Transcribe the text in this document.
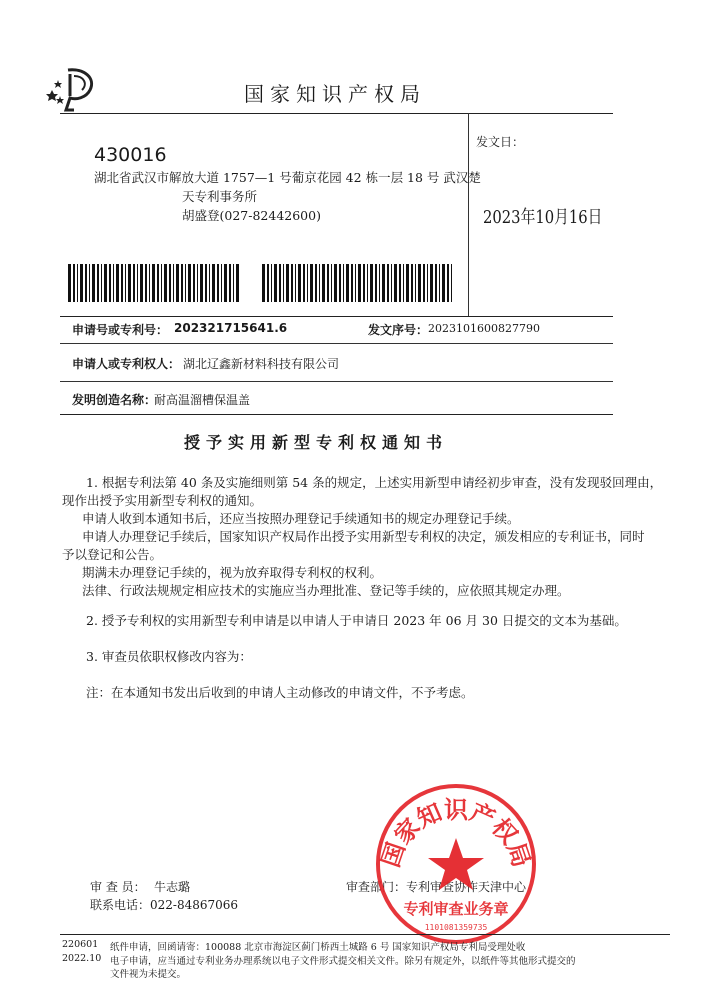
国家知识产权局
430016
湖北省武汉市解放大道 1757—1 号葡京花园 42 栋一层 18 号 武汉楚
天专利事务所
胡盛登(027-82442600)
发文日：
2023年10月16日
申请号或专利号： 202321715641.6	发文序号： 2023101600827790
申请人或专利权人： 湖北辽鑫新材料科技有限公司
发明创造名称：
耐高温溜槽保温盖
授予实用新型专利权通知书
1. 根据专利法第 40 条及实施细则第 54 条的规定，上述实用新型申请经初步审查，没有发现驳回理由，
现作出授予实用新型专利权的通知。
申请人收到本通知书后，还应当按照办理登记手续通知书的规定办理登记手续。
申请人办理登记手续后，国家知识产权局作出授予实用新型专利权的决定，颁发相应的专利证书，同时
予以登记和公告。
期满未办理登记手续的，视为放弃取得专利权的权利。
法律、行政法规规定相应技术的实施应当办理批准、登记等手续的，应依照其规定办理。
2. 授予专利权的实用新型专利申请是以申请人于申请日 2023 年 06 月 30 日提交的文本为基础。
3. 审查员依职权修改内容为：
注：在本通知书发出后收到的申请人主动修改的申请文件，不予考虑。
审 查 员： 牛志璐
联系电话： 022-84867066
审查部门： 专利审查协作天津中心
国家知识产权局
专利审查业务章
1101081359735
220601
2022.10
纸件申请，回函请寄：100088 北京市海淀区蓟门桥西土城路 6 号 国家知识产权局专利局受理处收
电子申请，应当通过专利业务办理系统以电子文件形式提交相关文件。除另有规定外，以纸件等其他形式提交的
文件视为未提交。
